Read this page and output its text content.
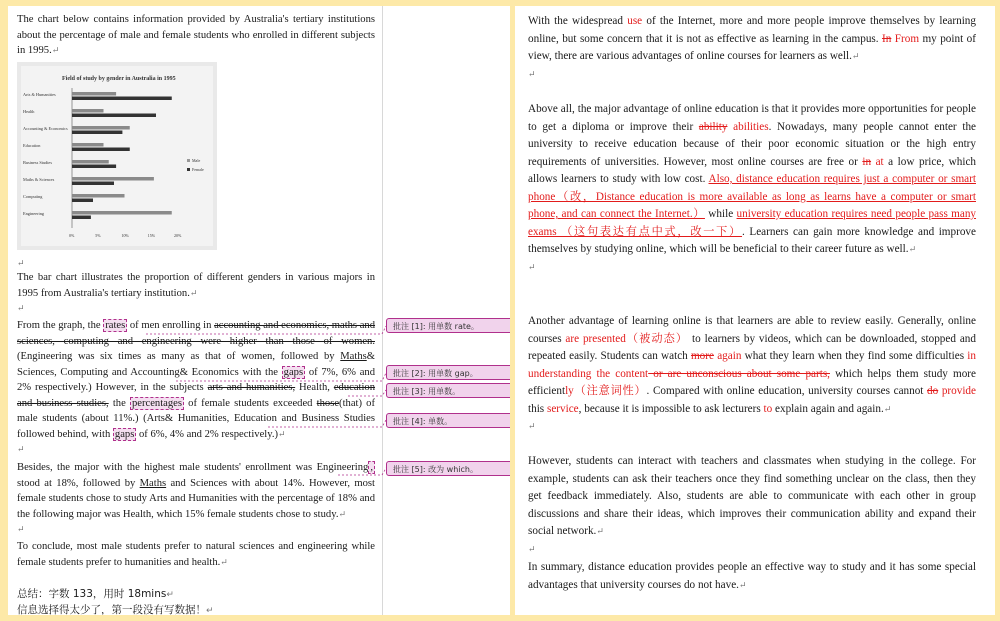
The chart below contains information provided by Australia's tertiary institutions about the percentage of male and female students who enrolled in different subjects in 1995.↵
Field of study by gender in Australia in 1995
Arts & Humanities
Health
Accounting & Economics
Education
Business Studies
Maths & Sciences
Computing
Engineering
0%	5%	10%	15%	20%
Male
Female
↵
The bar chart illustrates the proportion of different genders in various majors in 1995 from Australia's tertiary institution.↵
↵
From the graph, the rates of men enrolling in accounting and economics, maths and sciences, computing and engineering were higher than those of women. (Engineering was six times as many as that of women, followed by Maths& Sciences, Computing and Accounting& Economics with the gaps of 7%, 6% and 2% respectively.) However, in the subjects arts and humanities, Health, education and business studies, the percentages of female students exceeded those(that) of male students (about 11%.) (Arts& Humanities, Education and Business Studies followed behind, with gaps of 6%, 4% and 2% respectively.)↵
↵
Besides, the major with the highest male students' enrollment was Engineering , stood at 18%, followed by Maths and Sciences with about 14%. However, most female students chose to study Arts and Humanities with the percentage of 18% and the following major was Health, which 15% female students chose to study.↵
↵
To conclude, most male students prefer to natural sciences and engineering while female students prefer to humanities and health.↵
总结：字数 133，用时 18mins↵
信息选择得太少了，第一段没有写数据！↵
批注 [1]: 用单数 rate。
批注 [2]: 用单数 gap。
批注 [3]: 用单数。
批注 [4]: 单数。
批注 [5]: 改为 which。
With the widespread use of the Internet, more and more people improve themselves by learning online, but some concern that it is not as effective as learning in the campus. In From my point of view, there are various advantages of online courses for learners as well.↵
↵
Above all, the major advantage of online education is that it provides more opportunities for people to get a diploma or improve their ability abilities. Nowadays, many people cannot enter the university to receive education because of their poor economic situation or the high entry requirements of universities. However, most online courses are free or in at a low price, which allows learners to study with low cost. Also, distance education requires just a computer or smart phone（改，Distance education is more available as long as learns have a computer or smart phone, and can connect the Internet.） while university education requires need people pass many exams （这句表达有点中式，改一下）. Learners can gain more knowledge and improve themselves by studying online, which will be beneficial to their career future as well.↵
↵
Another advantage of learning online is that learners are able to review easily. Generally, online courses are presented（被动态） to learners by videos, which can be downloaded, stopped and repeated easily. Students can watch more again what they learn when they find some difficulties in understanding the content or are unconscious about some parts, which helps them study more efficiently（注意词性）. Compared with online education, university courses cannot do provide this service, because it is impossible to ask lecturers to explain again and again.↵
↵
However, students can interact with teachers and classmates when studying in the college. For example, students can ask their teachers once they find something unclear on the class, then they get feedback immediately. Also, students are able to communicate with each other in group discussions and share their ideas, which improves their communication ability and expand their social network.↵
↵
In summary, distance education provides people an effective way to study and it has some special advantages that university courses do not have.↵
